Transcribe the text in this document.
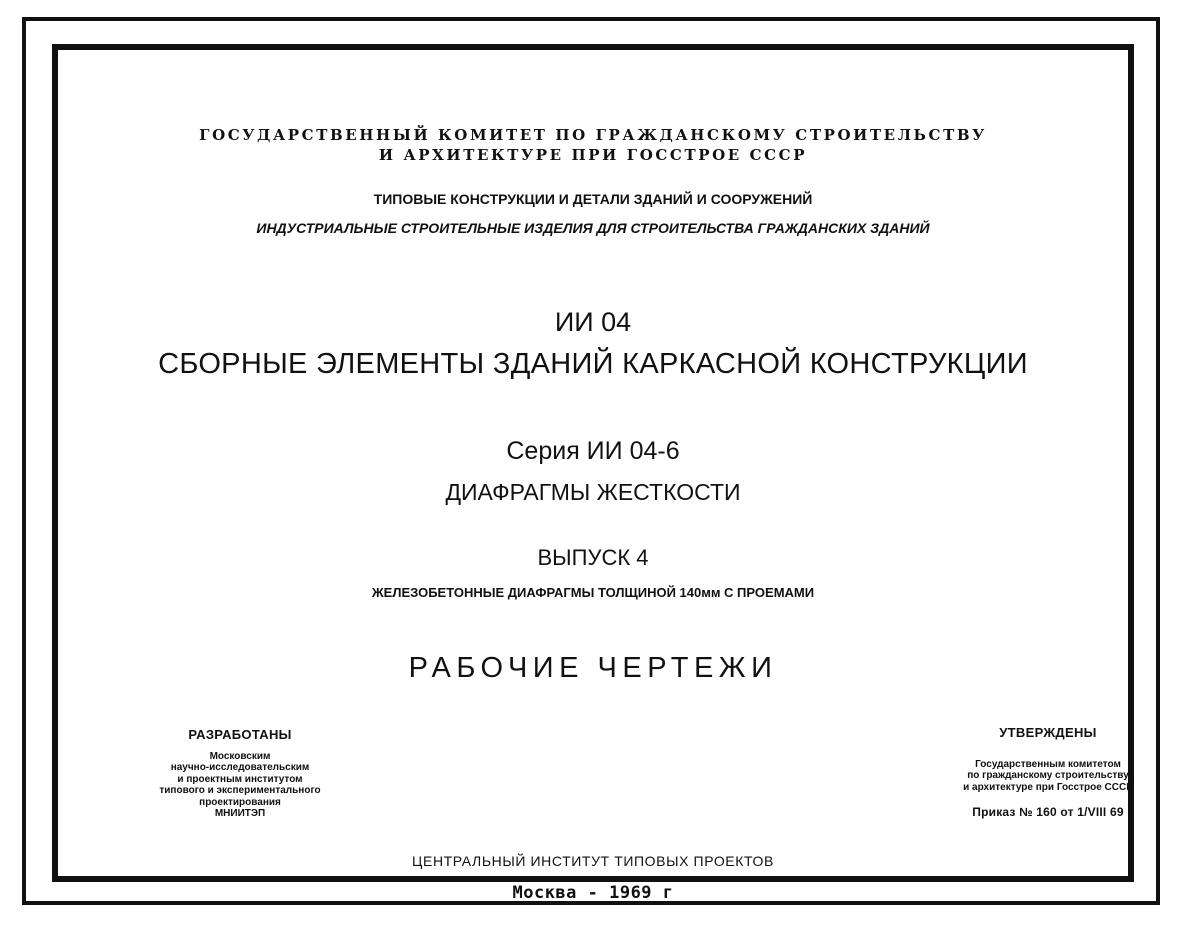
ГОСУДАРСТВЕННЫЙ КОМИТЕТ ПО ГРАЖДАНСКОМУ СТРОИТЕЛЬСТВУ
И АРХИТЕКТУРЕ ПРИ ГОССТРОЕ СССР
ТИПОВЫЕ КОНСТРУКЦИИ И ДЕТАЛИ ЗДАНИЙ И СООРУЖЕНИЙ
ИНДУСТРИАЛЬНЫЕ СТРОИТЕЛЬНЫЕ ИЗДЕЛИЯ ДЛЯ СТРОИТЕЛЬСТВА ГРАЖДАНСКИХ ЗДАНИЙ
ИИ 04
СБОРНЫЕ ЭЛЕМЕНТЫ ЗДАНИЙ КАРКАСНОЙ КОНСТРУКЦИИ
Серия ИИ 04-6
ДИАФРАГМЫ ЖЕСТКОСТИ
ВЫПУСК 4
ЖЕЛЕЗОБЕТОННЫЕ ДИАФРАГМЫ ТОЛЩИНОЙ 140мм С ПРОЕМАМИ
РАБОЧИЕ ЧЕРТЕЖИ
РАЗРАБОТАНЫ
Московским
научно-исследовательским
и проектным институтом
типового и экспериментального
проектирования
МНИИТЭП
УТВЕРЖДЕНЫ
Государственным комитетом
по гражданскому строительству
и архитектуре при Госстрое СССР
Приказ № 160 от 1/VIII 69
ЦЕНТРАЛЬНЫЙ ИНСТИТУТ ТИПОВЫХ ПРОЕКТОВ
Москва - 1969 г
